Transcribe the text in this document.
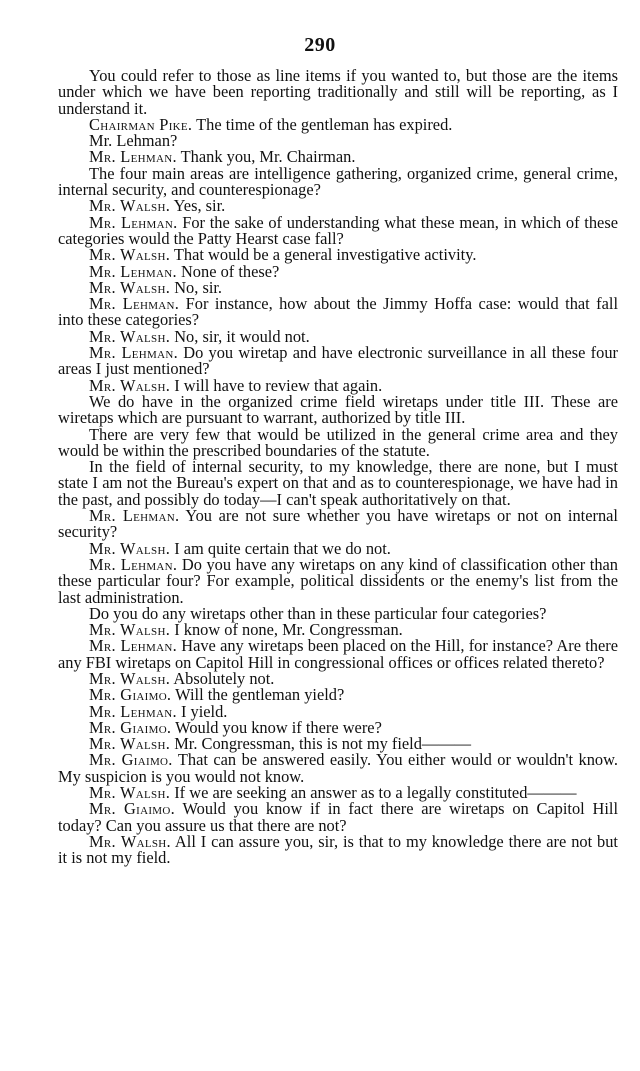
290

You could refer to those as line items if you wanted to, but those are the items under which we have been reporting traditionally and still will be reporting, as I understand it.

Chairman Pike. The time of the gentleman has expired.

Mr. Lehman?

Mr. Lehman. Thank you, Mr. Chairman.

The four main areas are intelligence gathering, organized crime, general crime, internal security, and counterespionage?

Mr. Walsh. Yes, sir.

Mr. Lehman. For the sake of understanding what these mean, in which of these categories would the Patty Hearst case fall?

Mr. Walsh. That would be a general investigative activity.

Mr. Lehman. None of these?

Mr. Walsh. No, sir.

Mr. Lehman. For instance, how about the Jimmy Hoffa case: would that fall into these categories?

Mr. Walsh. No, sir, it would not.

Mr. Lehman. Do you wiretap and have electronic surveillance in all these four areas I just mentioned?

Mr. Walsh. I will have to review that again.

We do have in the organized crime field wiretaps under title III. These are wiretaps which are pursuant to warrant, authorized by title III.

There are very few that would be utilized in the general crime area and they would be within the prescribed boundaries of the statute.

In the field of internal security, to my knowledge, there are none, but I must state I am not the Bureau's expert on that and as to counterespionage, we have had in the past, and possibly do today—I can't speak authoritatively on that.

Mr. Lehman. You are not sure whether you have wiretaps or not on internal security?

Mr. Walsh. I am quite certain that we do not.

Mr. Lehman. Do you have any wiretaps on any kind of classification other than these particular four? For example, political dissidents or the enemy's list from the last administration.

Do you do any wiretaps other than in these particular four categories?

Mr. Walsh. I know of none, Mr. Congressman.

Mr. Lehman. Have any wiretaps been placed on the Hill, for instance? Are there any FBI wiretaps on Capitol Hill in congressional offices or offices related thereto?

Mr. Walsh. Absolutely not.

Mr. Giaimo. Will the gentleman yield?

Mr. Lehman. I yield.

Mr. Giaimo. Would you know if there were?

Mr. Walsh. Mr. Congressman, this is not my field———

Mr. Giaimo. That can be answered easily. You either would or wouldn't know. My suspicion is you would not know.

Mr. Walsh. If we are seeking an answer as to a legally constituted———

Mr. Giaimo. Would you know if in fact there are wiretaps on Capitol Hill today? Can you assure us that there are not?

Mr. Walsh. All I can assure you, sir, is that to my knowledge there are not but it is not my field.
